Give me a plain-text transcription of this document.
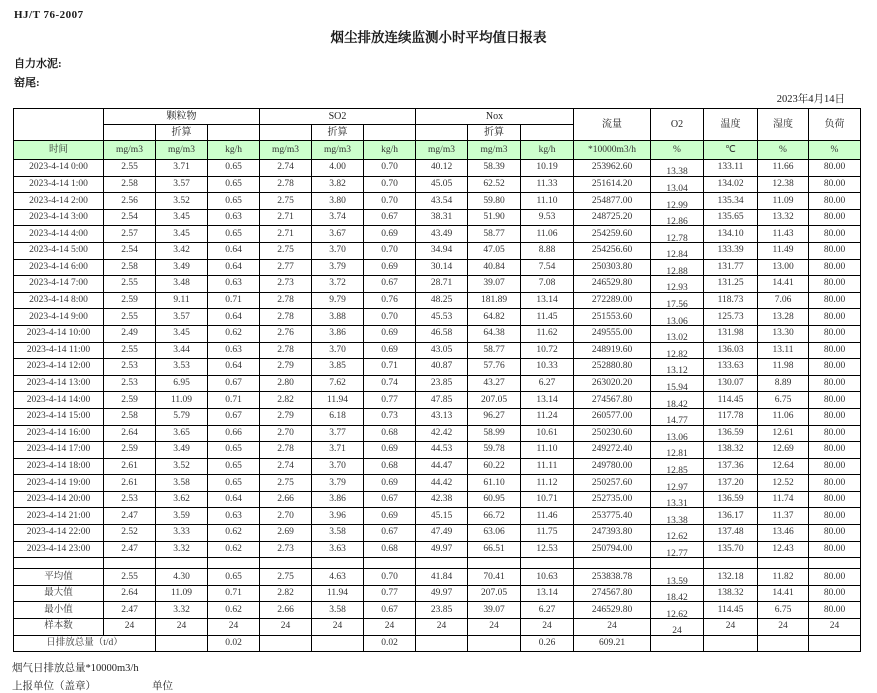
HJ/T 76-2007
烟尘排放连续监测小时平均值日报表
自力水泥:
窑尾:
2023年4月14日
	颗粒物			SO2			Nox			流量	O2	温度	湿度	负荷
		折算			折算			折算						
时间	mg/m3	mg/m3	kg/h	mg/m3	mg/m3	kg/h	mg/m3	mg/m3	kg/h	*10000m3/h	%	℃	%	%
2023-4-14 0:00	2.55	3.71	0.65	2.74	4.00	0.70	40.12	58.39	10.19	253962.60	13.38	133.11	11.66	80.00
2023-4-14 1:00	2.58	3.57	0.65	2.78	3.82	0.70	45.05	62.52	11.33	251614.20	13.04	134.02	12.38	80.00
2023-4-14 2:00	2.56	3.52	0.65	2.75	3.80	0.70	43.54	59.80	11.10	254877.00	12.99	135.34	11.09	80.00
2023-4-14 3:00	2.54	3.45	0.63	2.71	3.74	0.67	38.31	51.90	9.53	248725.20	12.86	135.65	13.32	80.00
2023-4-14 4:00	2.57	3.45	0.65	2.71	3.67	0.69	43.49	58.77	11.06	254259.60	12.78	134.10	11.43	80.00
2023-4-14 5:00	2.54	3.42	0.64	2.75	3.70	0.70	34.94	47.05	8.88	254256.60	12.84	133.39	11.49	80.00
2023-4-14 6:00	2.58	3.49	0.64	2.77	3.79	0.69	30.14	40.84	7.54	250303.80	12.88	131.77	13.00	80.00
2023-4-14 7:00	2.55	3.48	0.63	2.73	3.72	0.67	28.71	39.07	7.08	246529.80	12.93	131.25	14.41	80.00
2023-4-14 8:00	2.59	9.11	0.71	2.78	9.79	0.76	48.25	181.89	13.14	272289.00	17.56	118.73	7.06	80.00
2023-4-14 9:00	2.55	3.57	0.64	2.78	3.88	0.70	45.53	64.82	11.45	251553.60	13.06	125.73	13.28	80.00
2023-4-14 10:00	2.49	3.45	0.62	2.76	3.86	0.69	46.58	64.38	11.62	249555.00	13.02	131.98	13.30	80.00
2023-4-14 11:00	2.55	3.44	0.63	2.78	3.70	0.69	43.05	58.77	10.72	248919.60	12.82	136.03	13.11	80.00
2023-4-14 12:00	2.53	3.53	0.64	2.79	3.85	0.71	40.87	57.76	10.33	252880.80	13.12	133.63	11.98	80.00
2023-4-14 13:00	2.53	6.95	0.67	2.80	7.62	0.74	23.85	43.27	6.27	263020.20	15.94	130.07	8.89	80.00
2023-4-14 14:00	2.59	11.09	0.71	2.82	11.94	0.77	47.85	207.05	13.14	274567.80	18.42	114.45	6.75	80.00
2023-4-14 15:00	2.58	5.79	0.67	2.79	6.18	0.73	43.13	96.27	11.24	260577.00	14.77	117.78	11.06	80.00
2023-4-14 16:00	2.64	3.65	0.66	2.70	3.77	0.68	42.42	58.99	10.61	250230.60	13.06	136.59	12.61	80.00
2023-4-14 17:00	2.59	3.49	0.65	2.78	3.71	0.69	44.53	59.78	11.10	249272.40	12.81	138.32	12.69	80.00
2023-4-14 18:00	2.61	3.52	0.65	2.74	3.70	0.68	44.47	60.22	11.11	249780.00	12.85	137.36	12.64	80.00
2023-4-14 19:00	2.61	3.58	0.65	2.75	3.79	0.69	44.42	61.10	11.12	250257.60	12.97	137.20	12.52	80.00
2023-4-14 20:00	2.53	3.62	0.64	2.66	3.86	0.67	42.38	60.95	10.71	252735.00	13.31	136.59	11.74	80.00
2023-4-14 21:00	2.47	3.59	0.63	2.70	3.96	0.69	45.15	66.72	11.46	253775.40	13.38	136.17	11.37	80.00
2023-4-14 22:00	2.52	3.33	0.62	2.69	3.58	0.67	47.49	63.06	11.75	247393.80	12.62	137.48	13.46	80.00
2023-4-14 23:00	2.47	3.32	0.62	2.73	3.63	0.68	49.97	66.51	12.53	250794.00	12.77	135.70	12.43	80.00

平均值	2.55	4.30	0.65	2.75	4.63	0.70	41.84	70.41	10.63	253838.78	13.59	132.18	11.82	80.00
最大值	2.64	11.09	0.71	2.82	11.94	0.77	49.97	207.05	13.14	274567.80	18.42	138.32	14.41	80.00
最小值	2.47	3.32	0.62	2.66	3.58	0.67	23.85	39.07	6.27	246529.80	12.62	114.45	6.75	80.00
样本数	24	24	24	24	24	24	24	24	24	24	24	24	24	24
日排放总量（t/d）			0.02			0.02			0.26	609.21				
烟气日排放总量*10000m3/h
上报单位（盖章）	单位
